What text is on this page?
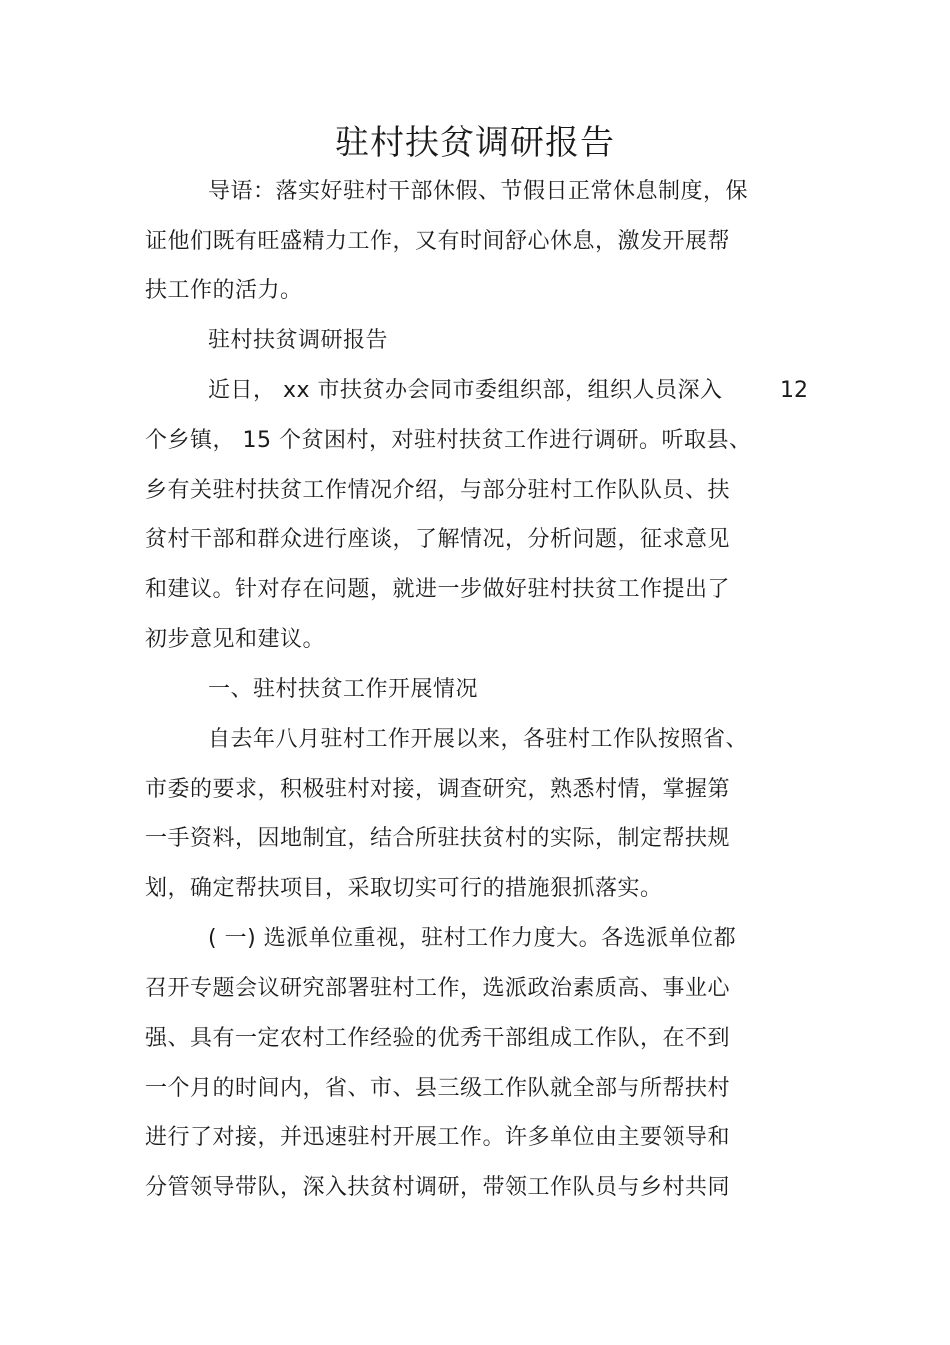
驻村扶贫调研报告
导语：落实好驻村干部休假、节假日正常休息制度，保
证他们既有旺盛精力工作，又有时间舒心休息，激发开展帮
扶工作的活力。
驻村扶贫调研报告
近日， xx 市扶贫办会同市委组织部，组织人员深入	12
个乡镇， 15 个贫困村，对驻村扶贫工作进行调研。听取县、
乡有关驻村扶贫工作情况介绍，与部分驻村工作队队员、扶
贫村干部和群众进行座谈，了解情况，分析问题，征求意见
和建议。针对存在问题，就进一步做好驻村扶贫工作提出了
初步意见和建议。
一、驻村扶贫工作开展情况
自去年八月驻村工作开展以来，各驻村工作队按照省、
市委的要求，积极驻村对接，调查研究，熟悉村情，掌握第
一手资料，因地制宜，结合所驻扶贫村的实际，制定帮扶规
划，确定帮扶项目，采取切实可行的措施狠抓落实。
( 一) 选派单位重视，驻村工作力度大。各选派单位都
召开专题会议研究部署驻村工作，选派政治素质高、事业心
强、具有一定农村工作经验的优秀干部组成工作队，在不到
一个月的时间内，省、市、县三级工作队就全部与所帮扶村
进行了对接，并迅速驻村开展工作。许多单位由主要领导和
分管领导带队，深入扶贫村调研，带领工作队员与乡村共同
